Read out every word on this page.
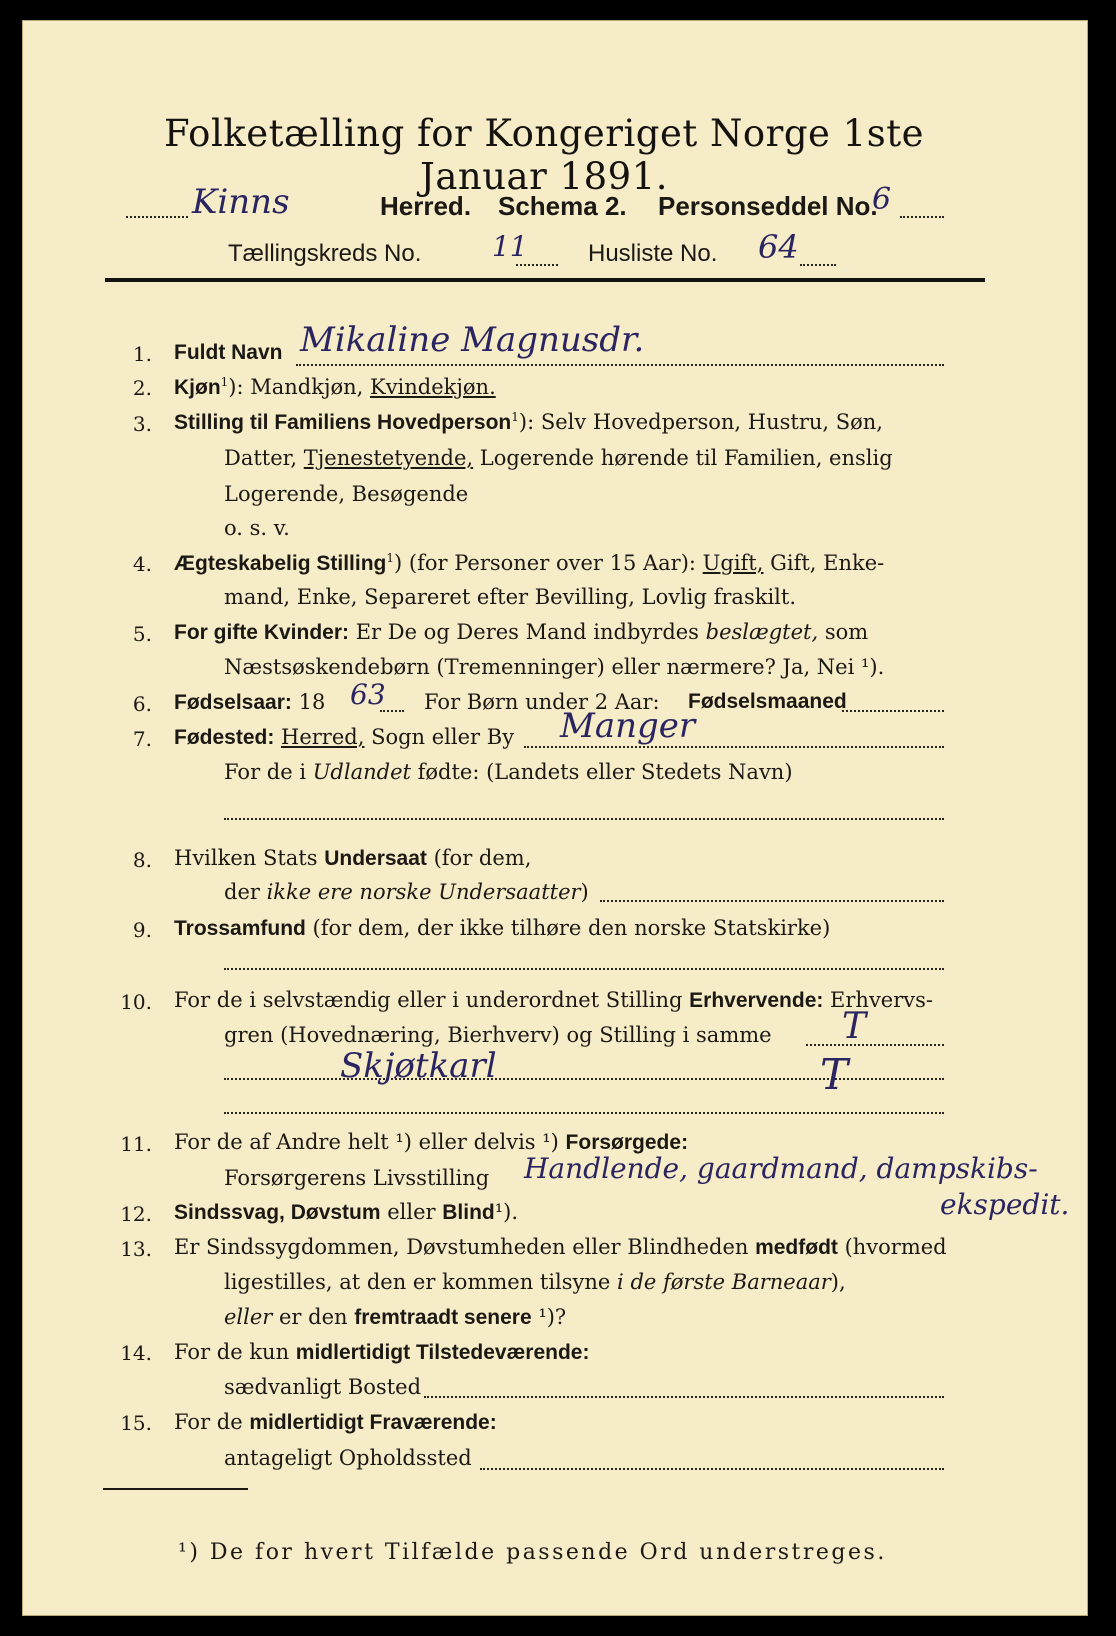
Folketælling for Kongeriget Norge 1ste Januar 1891.
Kinns	Herred. Schema 2. Personseddel No.
6
Tællingskreds No.	11	Husliste No. 64
1. Fuldt Navn Mikaline Magnusdr.
2. Kjøn$^1$): Mandkjøn, Kvindekjøn.
3. Stilling til Familiens Hovedperson$^1$): Selv Hovedperson, Hustru, Søn,
Datter, Tjenestetyende, Logerende hørende til Familien, enslig
Logerende, Besøgende
o. s. v.
4. Ægteskabelig Stilling$^1$) (for Personer over 15 Aar): Ugift, Gift, Enke-
mand, Enke, Separeret efter Bevilling, Lovlig fraskilt.
5. For gifte Kvinder: Er De og Deres Mand indbyrdes beslægtet, som
Næstsøskendebørn (Tremenninger) eller nærmere? Ja, Nei ¹).
6. Fødselsaar: 18 63 For Børn under 2 Aar: Fødselsmaaned
7. Fødested: Herred, Sogn eller By Manger
For de i Udlandet fødte: (Landets eller Stedets Navn)
8. Hvilken Stats Undersaat (for dem,
der ikke ere norske Undersaatter)
9. Trossamfund (for dem, der ikke tilhøre den norske Statskirke)
10. For de i selvstændig eller i underordnet Stilling Erhvervende: Erhvervs-
gren (Hovednæring, Bierhverv) og Stilling i samme T
Skjøtkarl	T
11. For de af Andre helt ¹) eller delvis ¹) Forsørgede:
Forsørgerens Livsstilling Handlende, gaardmand, dampskibs-
ekspedit.
12. Sindssvag, Døvstum eller Blind¹).
13. Er Sindssygdommen, Døvstumheden eller Blindheden medfødt (hvormed
ligestilles, at den er kommen tilsyne i de første Barneaar),
eller er den fremtraadt senere ¹)?
14. For de kun midlertidigt Tilstedeværende:
sædvanligt Bosted
15. For de midlertidigt Fraværende:
antageligt Opholdssted
¹) De for hvert Tilfælde passende Ord understreges.
